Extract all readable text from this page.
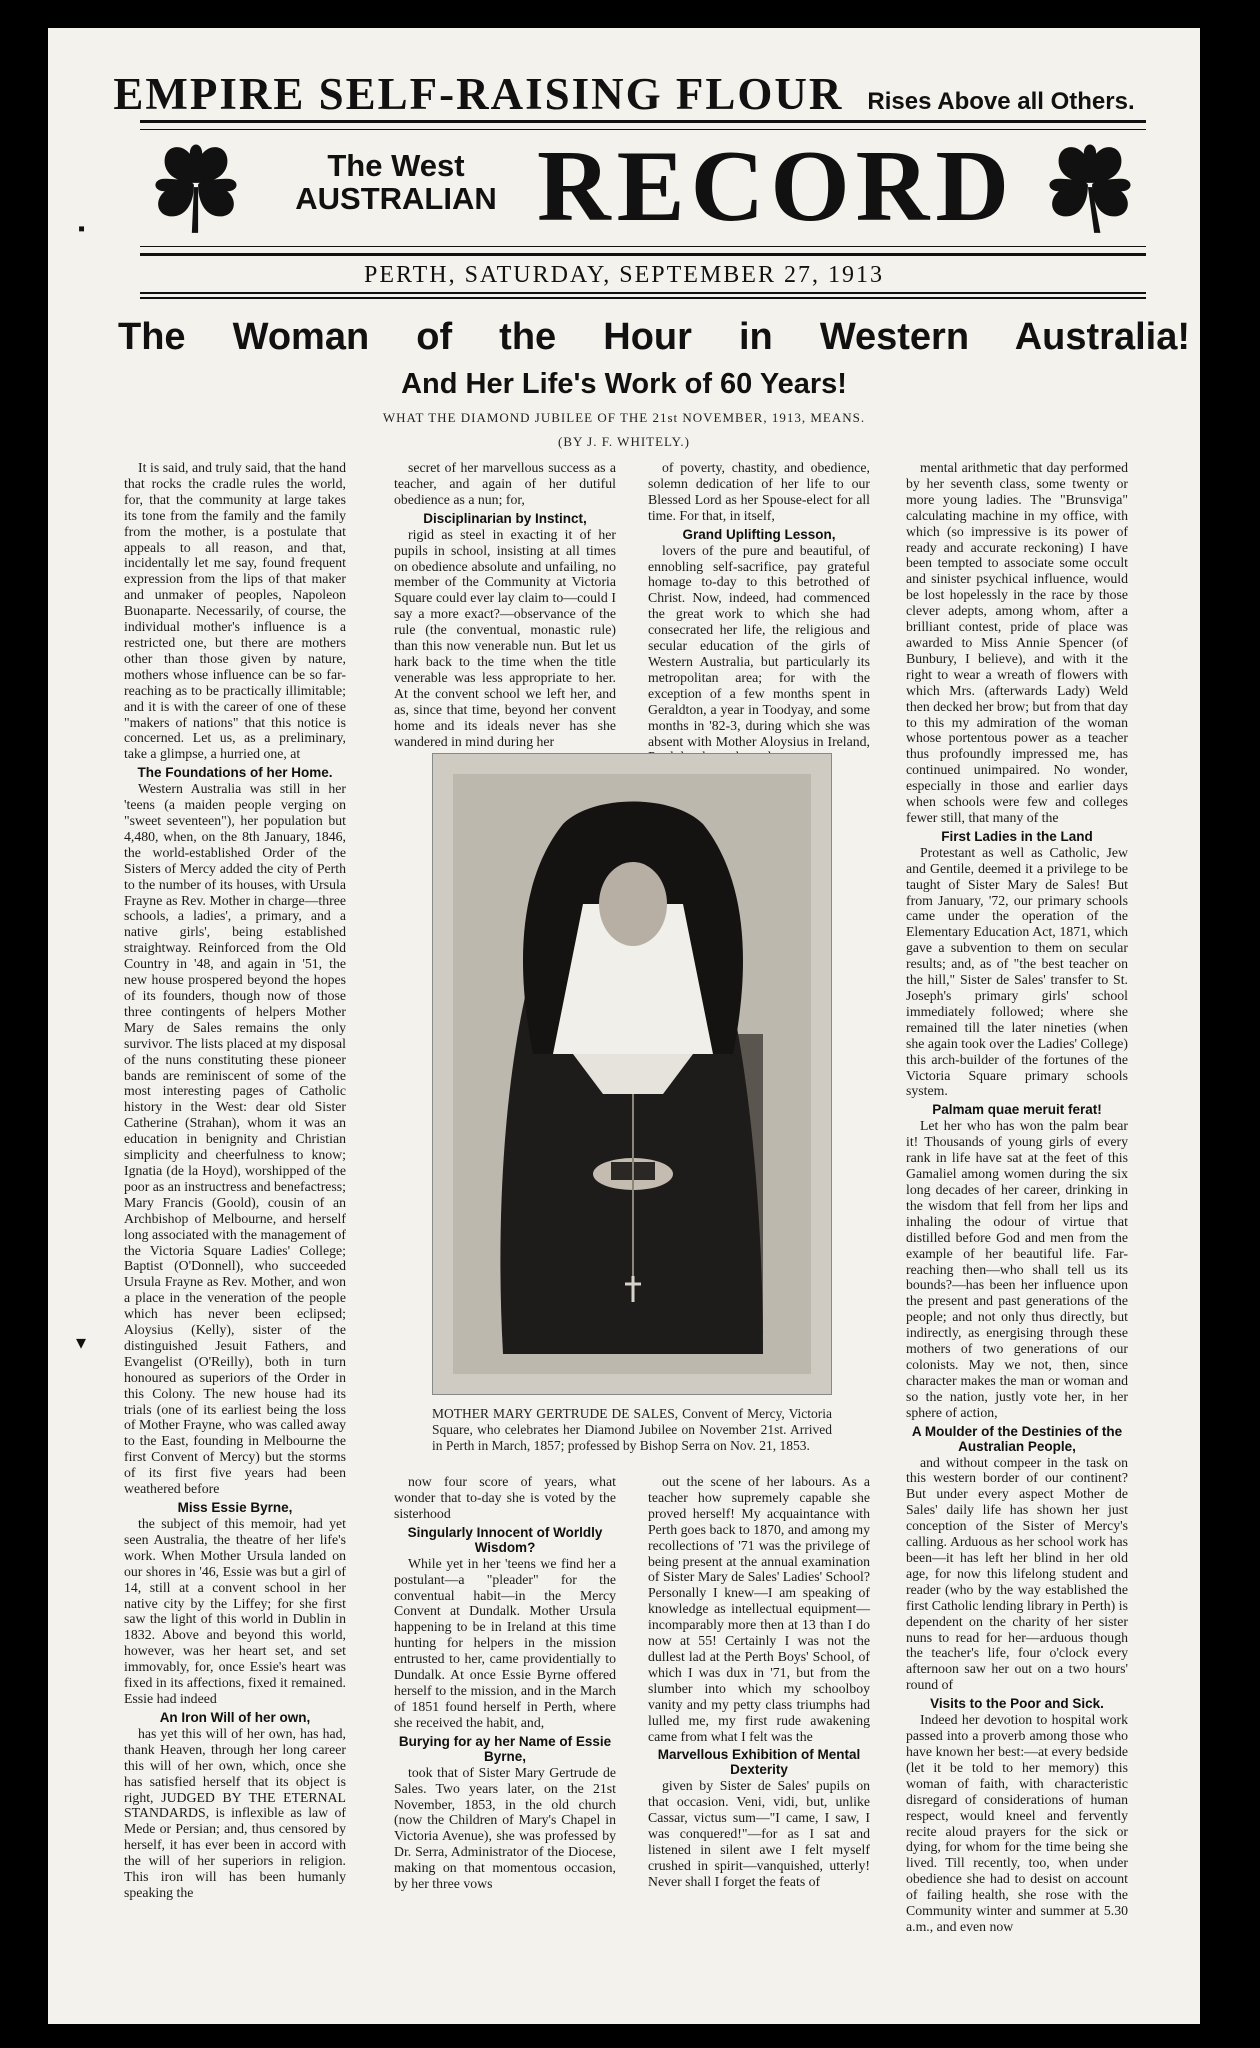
EMPIRE SELF-RAISING FLOUR Rises Above all Others.
The West
AUSTRALIAN RECORD
PERTH, SATURDAY, SEPTEMBER 27, 1913
The Woman of the Hour in Western Australia!
And Her Life's Work of 60 Years!
WHAT THE DIAMOND JUBILEE OF THE 21st NOVEMBER, 1913, MEANS.
(BY J. F. WHITELY.)

It is said, and truly said, that the hand that rocks the cradle rules the world, for, that the community at large takes its tone from the family and the family from the mother, is a postulate that appeals to all reason, and that, incidentally let me say, found frequent expression from the lips of that maker and unmaker of peoples, Napoleon Buonaparte. Necessarily, of course, the individual mother's influence is a restricted one, but there are mothers other than those given by nature, mothers whose influence can be so far-reaching as to be practically illimitable; and it is with the career of one of these "makers of nations" that this notice is concerned. Let us, as a preliminary, take a glimpse, a hurried one, at

The Foundations of her Home.

Western Australia was still in her 'teens (a maiden people verging on "sweet seventeen"), her population but 4,480, when, on the 8th January, 1846, the world-established Order of the Sisters of Mercy added the city of Perth to the number of its houses, with Ursula Frayne as Rev. Mother in charge—three schools, a ladies', a primary, and a native girls', being established straightway. Reinforced from the Old Country in '48, and again in '51, the new house prospered beyond the hopes of its founders, though now of those three contingents of helpers Mother Mary de Sales remains the only survivor. The lists placed at my disposal of the nuns constituting these pioneer bands are reminiscent of some of the most interesting pages of Catholic history in the West: dear old Sister Catherine (Strahan), whom it was an education in benignity and Christian simplicity and cheerfulness to know; Ignatia (de la Hoyd), worshipped of the poor as an instructress and benefactress; Mary Francis (Goold), cousin of an Archbishop of Melbourne, and herself long associated with the management of the Victoria Square Ladies' College; Baptist (O'Donnell), who succeeded Ursula Frayne as Rev. Mother, and won a place in the veneration of the people which has never been eclipsed; Aloysius (Kelly), sister of the distinguished Jesuit Fathers, and Evangelist (O'Reilly), both in turn honoured as superiors of the Order in this Colony. The new house had its trials (one of its earliest being the loss of Mother Frayne, who was called away to the East, founding in Melbourne the first Convent of Mercy) but the storms of its first five years had been weathered before

Miss Essie Byrne,

the subject of this memoir, had yet seen Australia, the theatre of her life's work. When Mother Ursula landed on our shores in '46, Essie was but a girl of 14, still at a convent school in her native city by the Liffey; for she first saw the light of this world in Dublin in 1832. Above and beyond this world, however, was her heart set, and set immovably, for, once Essie's heart was fixed in its affections, fixed it remained. Essie had indeed

An Iron Will of her own,

has yet this will of her own, has had, thank Heaven, through her long career this will of her own, which, once she has satisfied herself that its object is right, JUDGED BY THE ETERNAL STANDARDS, is inflexible as law of Mede or Persian; and, thus censored by herself, it has ever been in accord with the will of her superiors in religion. This iron will has been humanly speaking the

secret of her marvellous success as a teacher, and again of her dutiful obedience as a nun; for,

Disciplinarian by Instinct,

rigid as steel in exacting it of her pupils in school, insisting at all times on obedience absolute and unfailing, no member of the Community at Victoria Square could ever lay claim to—could I say a more exact?—observance of the rule (the conventual, monastic rule) than this now venerable nun. But let us hark back to the time when the title venerable was less appropriate to her. At the convent school we left her, and as, since that time, beyond her convent home and its ideals never has she wandered in mind during her

of poverty, chastity, and obedience, solemn dedication of her life to our Blessed Lord as her Spouse-elect for all time. For that, in itself,

Grand Uplifting Lesson,

lovers of the pure and beautiful, of ennobling self-sacrifice, pay grateful homage to-day to this betrothed of Christ. Now, indeed, had commenced the great work to which she had consecrated her life, the religious and secular education of the girls of Western Australia, but particularly its metropolitan area; for with the exception of a few months spent in Geraldton, a year in Toodyay, and some months in '82-3, during which she was absent with Mother Aloysius in Ireland,

MOTHER MARY GERTRUDE DE SALES, Convent of Mercy, Victoria Square, who celebrates her Diamond Jubilee on November 21st. Arrived in Perth in March, 1857; professed by Bishop Serra on Nov. 21, 1853.

now four score of years, what wonder that to-day she is voted by the sisterhood

Singularly Innocent of Worldly Wisdom?

While yet in her 'teens we find her a postulant—a "pleader" for the conventual habit—in the Mercy Convent at Dundalk. Mother Ursula happening to be in Ireland at this time hunting for helpers in the mission entrusted to her, came providentially to Dundalk. At once Essie Byrne offered herself to the mission, and in the March of 1851 found herself in Perth, where she received the habit, and,

Burying for ay her Name of Essie Byrne,

took that of Sister Mary Gertrude de Sales. Two years later, on the 21st November, 1853, in the old church (now the Children of Mary's Chapel in Victoria Avenue), she was professed by Dr. Serra, Administrator of the Diocese, making on that momentous occasion, by her three vows

out the scene of her labours. As a teacher how supremely capable she proved herself! My acquaintance with Perth goes back to 1870, and among my recollections of '71 was the privilege of being present at the annual examination of Sister Mary de Sales' Ladies' School? Personally I knew—I am speaking of knowledge as intellectual equipment—incomparably more then at 13 than I do now at 55! Certainly I was not the dullest lad at the Perth Boys' School, of which I was dux in '71, but from the slumber into which my schoolboy vanity and my petty class triumphs had lulled me, my first rude awakening came from what I felt was the

Marvellous Exhibition of Mental Dexterity

given by Sister de Sales' pupils on that occasion. Veni, vidi, but, unlike Cassar, victus sum—"I came, I saw, I was conquered!"—for as I sat and listened in silent awe I felt myself crushed in spirit—vanquished, utterly! Never shall I forget the feats of

mental arithmetic that day performed by her seventh class, some twenty or more young ladies. The "Brunsviga" calculating machine in my office, with which (so impressive is its power of ready and accurate reckoning) I have been tempted to associate some occult and sinister psychical influence, would be lost hopelessly in the race by those clever adepts, among whom, after a brilliant contest, pride of place was awarded to Miss Annie Spencer (of Bunbury, I believe), and with it the right to wear a wreath of flowers with which Mrs. (afterwards Lady) Weld then decked her brow; but from that day to this my admiration of the woman whose portentous power as a teacher thus profoundly impressed me, has continued unimpaired. No wonder, especially in those and earlier days when schools were few and colleges fewer still, that many of the

First Ladies in the Land

Protestant as well as Catholic, Jew and Gentile, deemed it a privilege to be taught of Sister Mary de Sales! But from January, '72, our primary schools came under the operation of the Elementary Education Act, 1871, which gave a subvention to them on secular results; and, as of "the best teacher on the hill," Sister de Sales' transfer to St. Joseph's primary girls' school immediately followed; where she remained till the later nineties (when she again took over the Ladies' College) this arch-builder of the fortunes of the Victoria Square primary schools system.

Palmam quae meruit ferat!

Let her who has won the palm bear it! Thousands of young girls of every rank in life have sat at the feet of this Gamaliel among women during the six long decades of her career, drinking in the wisdom that fell from her lips and inhaling the odour of virtue that distilled before God and men from the example of her beautiful life. Far-reaching then—who shall tell us its bounds?—has been her influence upon the present and past generations of the people; and not only thus directly, but indirectly, as energising through these mothers of two generations of our colonists. May we not, then, since character makes the man or woman and so the nation, justly vote her, in her sphere of action,

A Moulder of the Destinies of the Australian People,

and without compeer in the task on this western border of our continent? But under every aspect Mother de Sales' daily life has shown her just conception of the Sister of Mercy's calling. Arduous as her school work has been—it has left her blind in her old age, for now this lifelong student and reader (who by the way established the first Catholic lending library in Perth) is dependent on the charity of her sister nuns to read for her—arduous though the teacher's life, four o'clock every afternoon saw her out on a two hours' round of

Visits to the Poor and Sick.

Indeed her devotion to hospital work passed into a proverb among those who have known her best:—at every bedside (let it be told to her memory) this woman of faith, with characteristic disregard of considerations of human respect, would kneel and fervently recite aloud prayers for the sick or dying, for whom for the time being she lived. Till recently, too, when under obedience she had to desist on account of failing health, she rose with the Community winter and summer at 5.30 a.m., and even now

▪
▾
